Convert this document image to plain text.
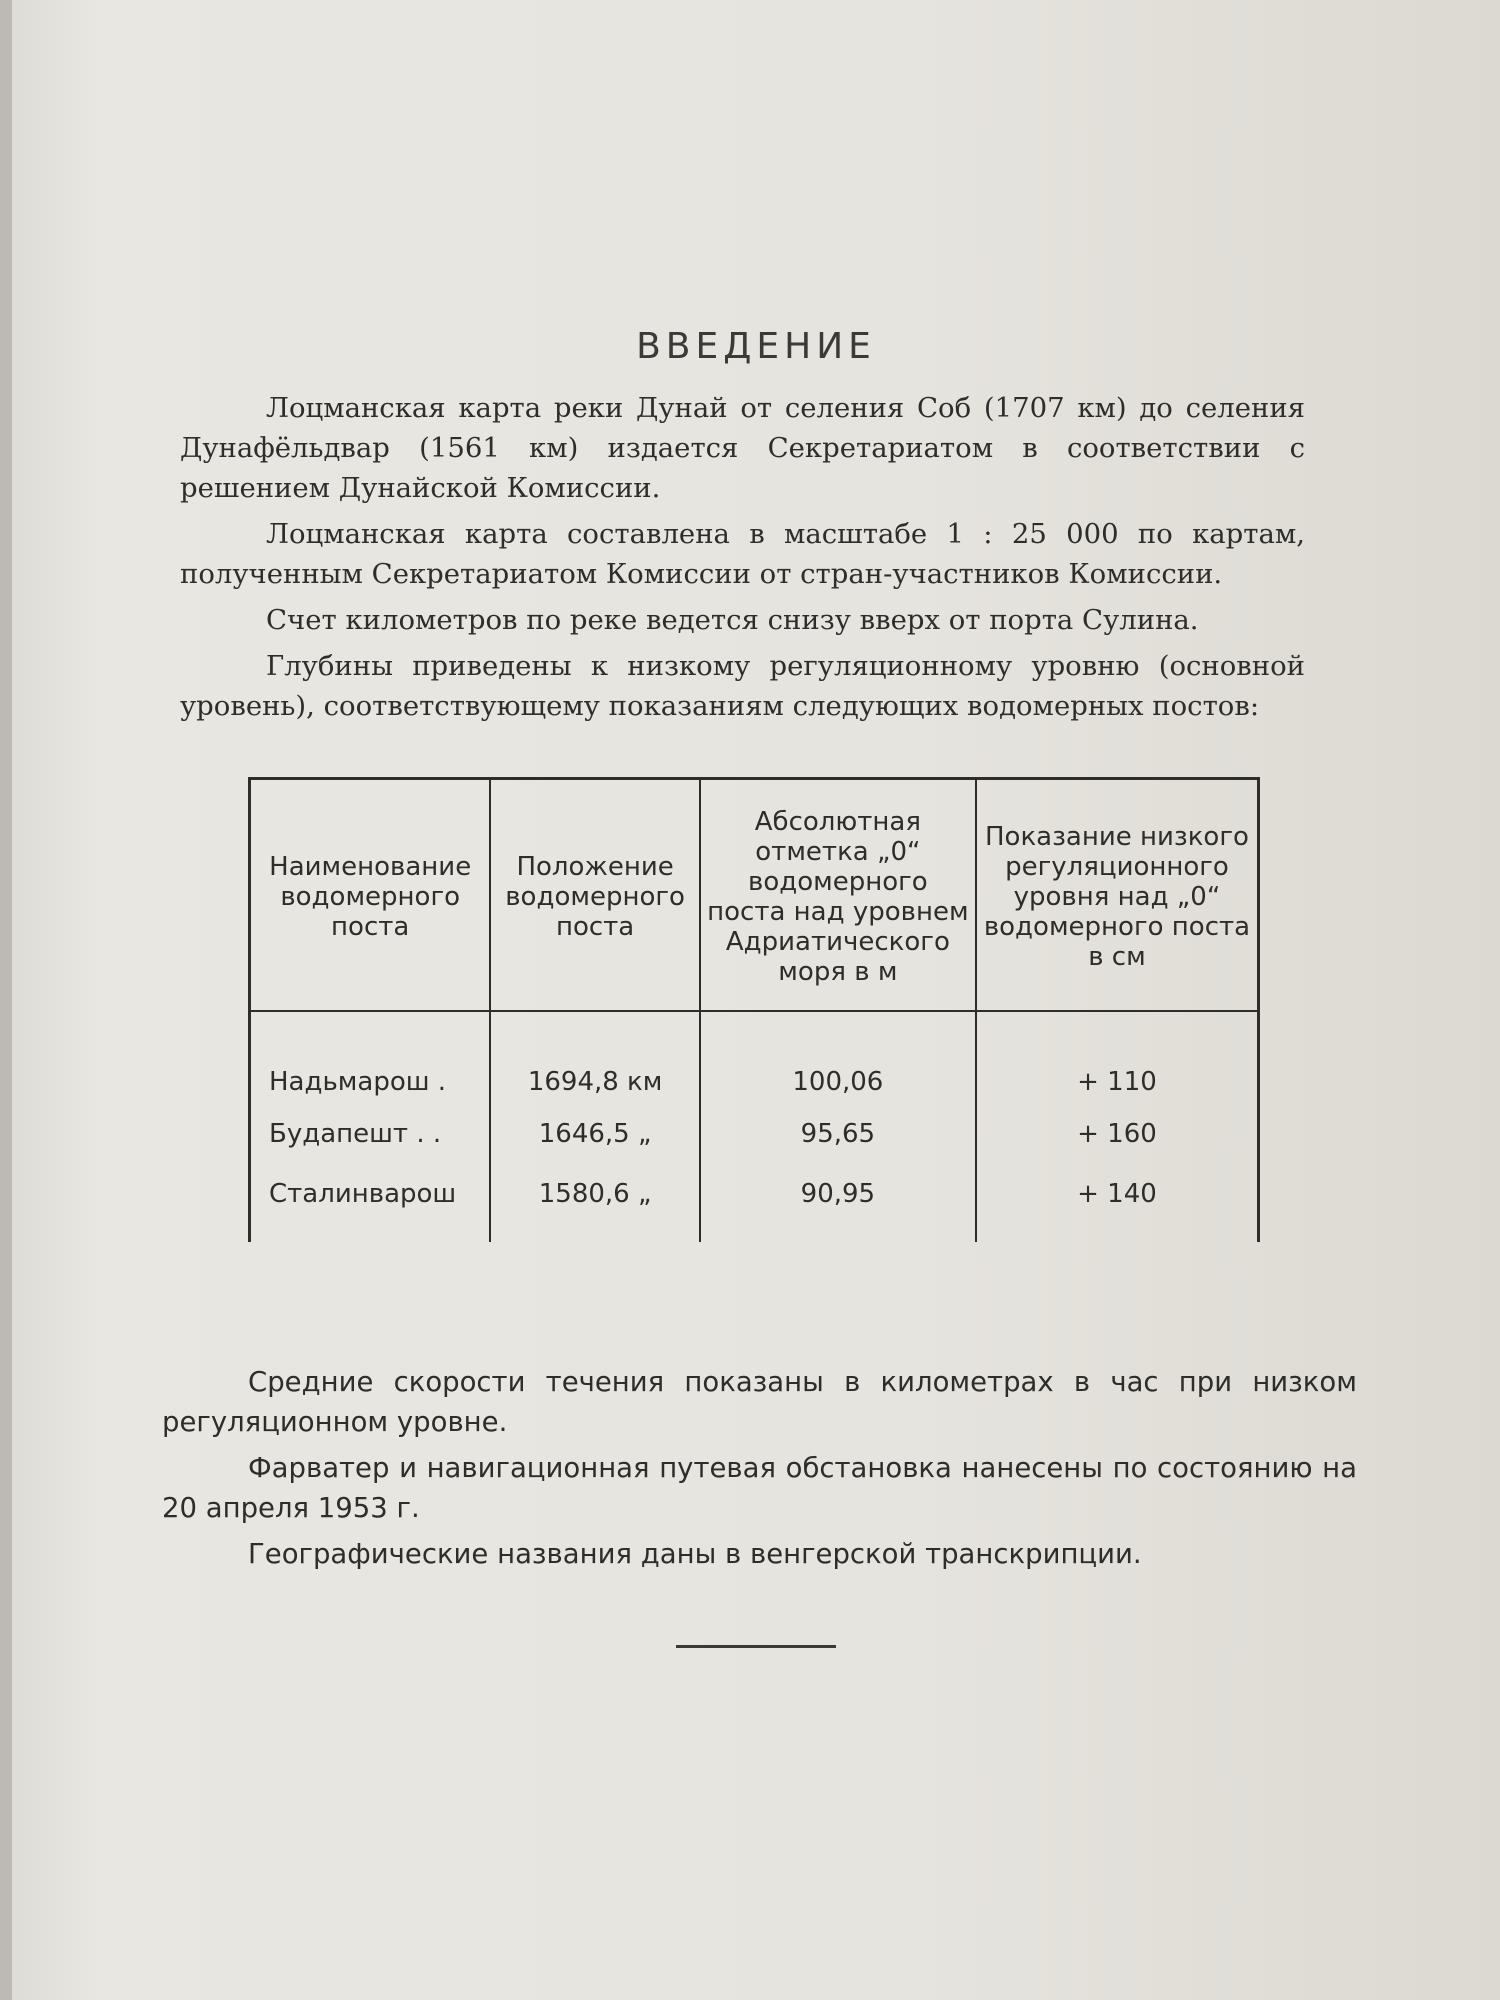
ВВЕДЕНИЕ

Лоцманская карта реки Дунай от селения Соб (1707 км) до селения Дунафёльдвар (1561 км) издается Секретариатом в соответствии с решением Дунайской Комиссии.

Лоцманская карта составлена в масштабе 1 : 25 000 по картам, полученным Секретариатом Комиссии от стран-участников Комиссии.

Счет километров по реке ведется снизу вверх от порта Сулина.

Глубины приведены к низкому регуляционному уровню (основной уровень), соответствующему показаниям следующих водомерных постов:

Наименование водомерного поста	Положение водомерного поста	Абсолютная отметка „0“ водомерного поста над уровнем Адриатического моря в м	Показание низкого регуляционного уровня над „0“ водомерного поста в см
Надьмарош .	1694,8 км	100,06	+ 110
Будапешт . .	1646,5 „	95,65	+ 160
Сталинварош	1580,6 „	90,95	+ 140

Средние скорости течения показаны в километрах в час при низком регуляционном уровне.

Фарватер и навигационная путевая обстановка нанесены по состоянию на 20 апреля 1953 г.

Географические названия даны в венгерской транскрипции.
